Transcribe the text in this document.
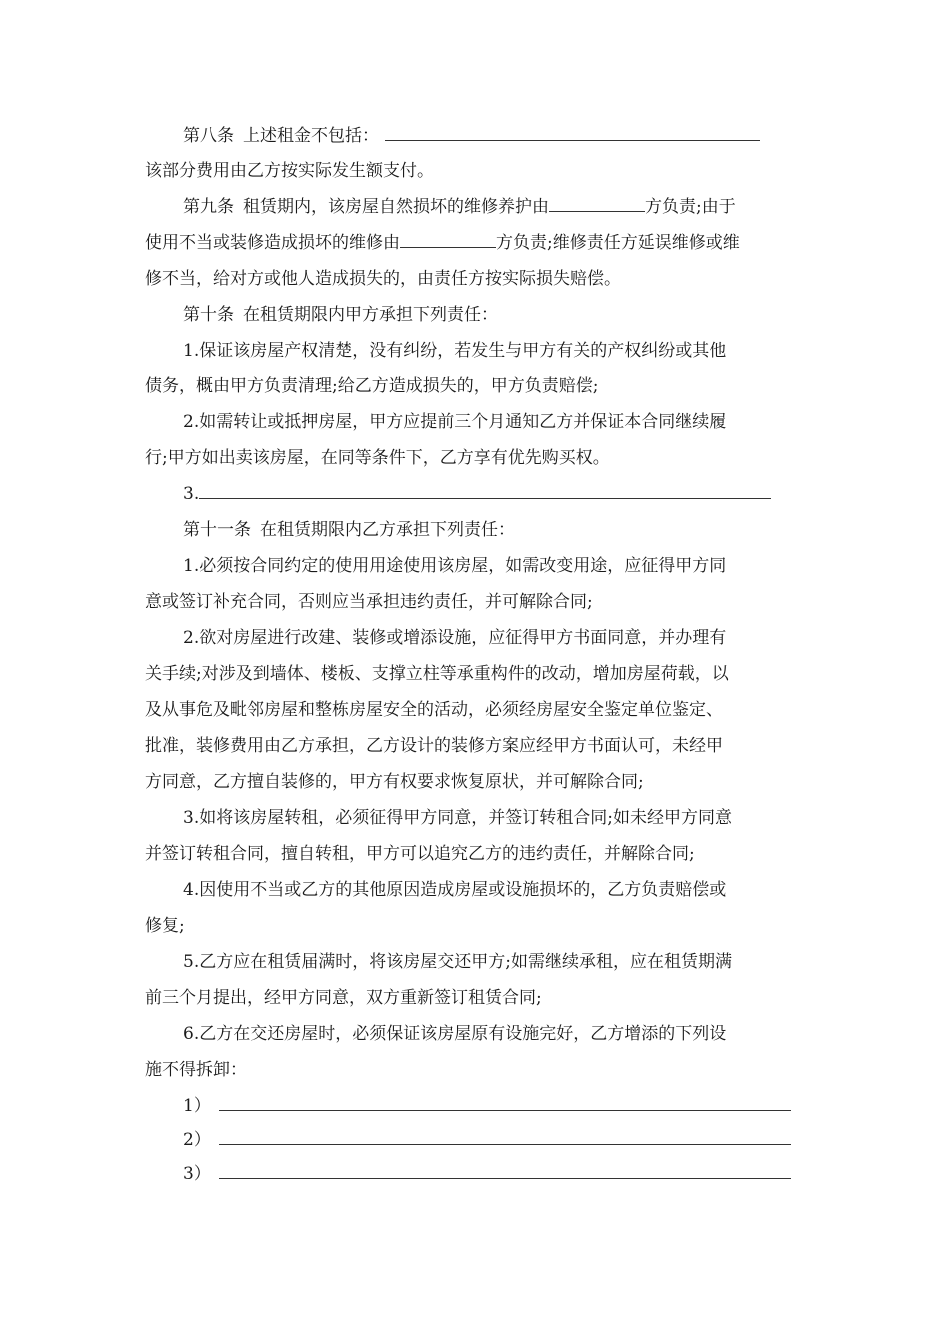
第八条 上述租金不包括：
该部分费用由乙方按实际发生额支付。
第九条 租赁期内，该房屋自然损坏的维修养护由	方负责;由于
使用不当或装修造成损坏的维修由	方负责;维修责任方延误维修或维
修不当，给对方或他人造成损失的，由责任方按实际损失赔偿。
第十条 在租赁期限内甲方承担下列责任：
1.保证该房屋产权清楚，没有纠纷，若发生与甲方有关的产权纠纷或其他
债务，概由甲方负责清理;给乙方造成损失的，甲方负责赔偿;
2.如需转让或抵押房屋，甲方应提前三个月通知乙方并保证本合同继续履
行;甲方如出卖该房屋，在同等条件下，乙方享有优先购买权。
3.
第十一条 在租赁期限内乙方承担下列责任：
1.必须按合同约定的使用用途使用该房屋，如需改变用途，应征得甲方同
意或签订补充合同，否则应当承担违约责任，并可解除合同;
2.欲对房屋进行改建、装修或增添设施，应征得甲方书面同意，并办理有
关手续;对涉及到墙体、楼板、支撑立柱等承重构件的改动，增加房屋荷载，以
及从事危及毗邻房屋和整栋房屋安全的活动，必须经房屋安全鉴定单位鉴定、
批准，装修费用由乙方承担，乙方设计的装修方案应经甲方书面认可，未经甲
方同意，乙方擅自装修的，甲方有权要求恢复原状，并可解除合同;
3.如将该房屋转租，必须征得甲方同意，并签订转租合同;如未经甲方同意
并签订转租合同，擅自转租，甲方可以追究乙方的违约责任，并解除合同;
4.因使用不当或乙方的其他原因造成房屋或设施损坏的，乙方负责赔偿或
修复;
5.乙方应在租赁届满时，将该房屋交还甲方;如需继续承租，应在租赁期满
前三个月提出，经甲方同意，双方重新签订租赁合同;
6.乙方在交还房屋时，必须保证该房屋原有设施完好，乙方增添的下列设
施不得拆卸：
1）
2）
3）
